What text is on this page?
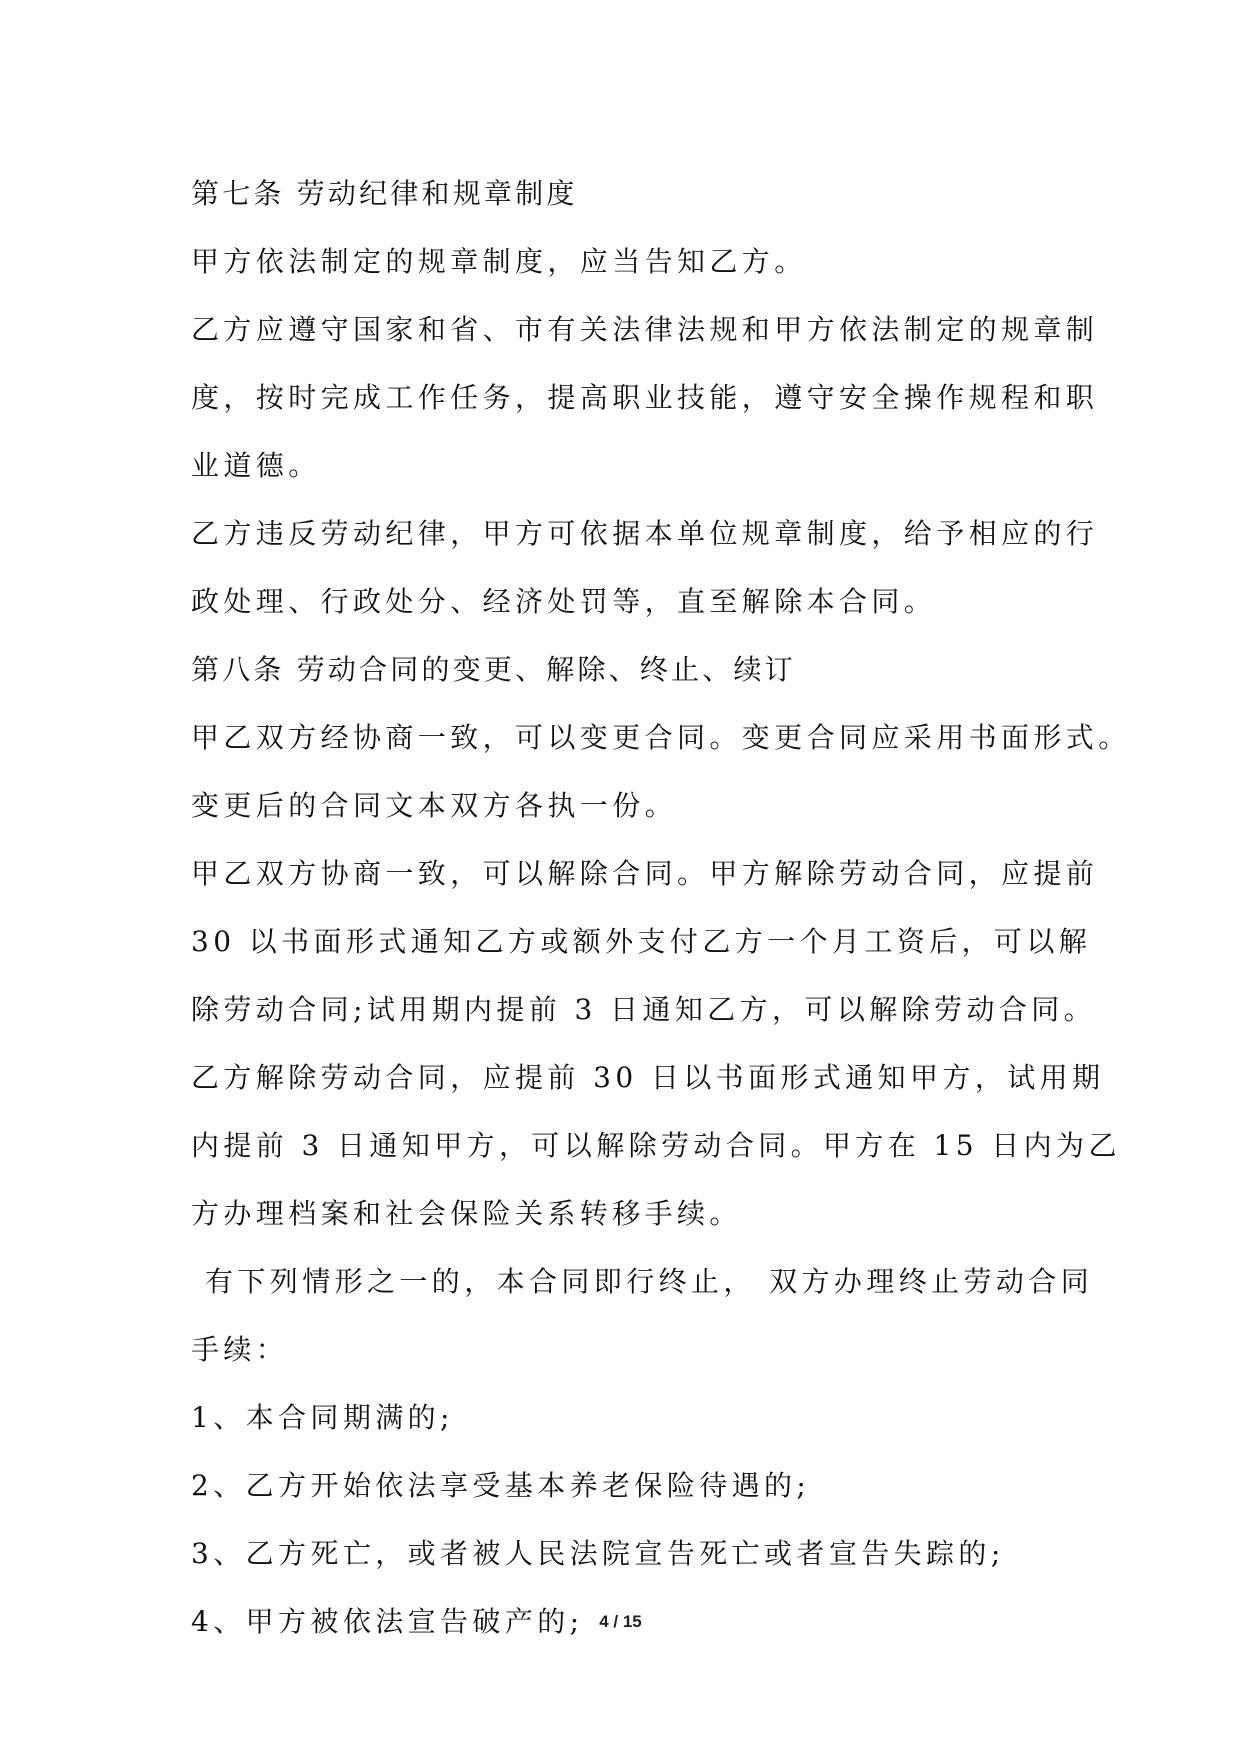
第七条 劳动纪律和规章制度

甲方依法制定的规章制度，应当告知乙方。

乙方应遵守国家和省、市有关法律法规和甲方依法制定的规章制

度，按时完成工作任务，提高职业技能，遵守安全操作规程和职

业道德。

乙方违反劳动纪律，甲方可依据本单位规章制度，给予相应的行

政处理、行政处分、经济处罚等，直至解除本合同。

第八条 劳动合同的变更、解除、终止、续订

甲乙双方经协商一致，可以变更合同。变更合同应采用书面形式。

变更后的合同文本双方各执一份。

甲乙双方协商一致，可以解除合同。甲方解除劳动合同，应提前

30 以书面形式通知乙方或额外支付乙方一个月工资后，可以解

除劳动合同;试用期内提前 3 日通知乙方，可以解除劳动合同。

乙方解除劳动合同，应提前 30 日以书面形式通知甲方，试用期

内提前 3 日通知甲方，可以解除劳动合同。甲方在 15 日内为乙

方办理档案和社会保险关系转移手续。

有下列情形之一的，本合同即行终止， 双方办理终止劳动合同

手续：

1、本合同期满的;

2、乙方开始依法享受基本养老保险待遇的;

3、乙方死亡，或者被人民法院宣告死亡或者宣告失踪的;

4、甲方被依法宣告破产的; 4 / 15
